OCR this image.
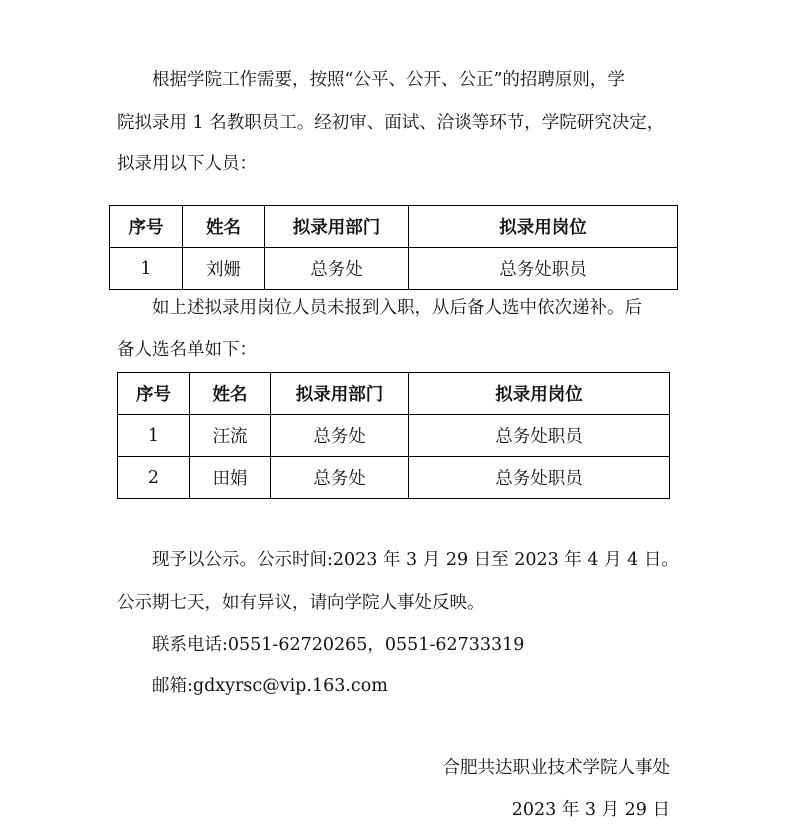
根据学院工作需要，按照“公平、公开、公正”的招聘原则，学
院拟录用 1 名教职员工。经初审、面试、洽谈等环节，学院研究决定，
拟录用以下人员：
序号	姓名	拟录用部门	拟录用岗位
1	刘姗	总务处	总务处职员
如上述拟录用岗位人员未报到入职，从后备人选中依次递补。后
备人选名单如下：
序号	姓名	拟录用部门	拟录用岗位
1	汪流	总务处	总务处职员
2	田娟	总务处	总务处职员
现予以公示。公示时间:2023 年 3 月 29 日至 2023 年 4 月 4 日。
公示期七天，如有异议，请向学院人事处反映。
联系电话:0551-62720265，0551-62733319
邮箱:gdxyrsc@vip.163.com
合肥共达职业技术学院人事处
2023 年 3 月 29 日
